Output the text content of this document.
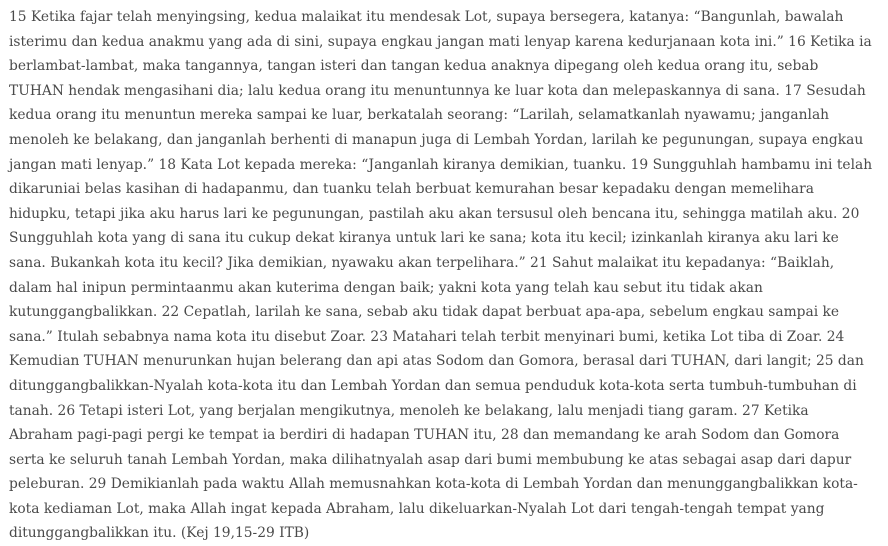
15 Ketika fajar telah menyingsing, kedua malaikat itu mendesak Lot, supaya bersegera, katanya: “Bangunlah, bawalah isterimu dan kedua anakmu yang ada di sini, supaya engkau jangan mati lenyap karena kedurjanaan kota ini.” 16 Ketika ia berlambat-lambat, maka tangannya, tangan isteri dan tangan kedua anaknya dipegang oleh kedua orang itu, sebab TUHAN hendak mengasihani dia; lalu kedua orang itu menuntunnya ke luar kota dan melepaskannya di sana. 17 Sesudah kedua orang itu menuntun mereka sampai ke luar, berkatalah seorang: “Larilah, selamatkanlah nyawamu; janganlah menoleh ke belakang, dan janganlah berhenti di manapun juga di Lembah Yordan, larilah ke pegunungan, supaya engkau jangan mati lenyap.” 18 Kata Lot kepada mereka: “Janganlah kiranya demikian, tuanku. 19 Sungguhlah hambamu ini telah dikaruniai belas kasihan di hadapanmu, dan tuanku telah berbuat kemurahan besar kepadaku dengan memelihara hidupku, tetapi jika aku harus lari ke pegunungan, pastilah aku akan tersusul oleh bencana itu, sehingga matilah aku. 20 Sungguhlah kota yang di sana itu cukup dekat kiranya untuk lari ke sana; kota itu kecil; izinkanlah kiranya aku lari ke sana. Bukankah kota itu kecil? Jika demikian, nyawaku akan terpelihara.” 21 Sahut malaikat itu kepadanya: “Baiklah, dalam hal inipun permintaanmu akan kuterima dengan baik; yakni kota yang telah kau sebut itu tidak akan kutunggangbalikkan. 22 Cepatlah, larilah ke sana, sebab aku tidak dapat berbuat apa-apa, sebelum engkau sampai ke sana.” Itulah sebabnya nama kota itu disebut Zoar. 23 Matahari telah terbit menyinari bumi, ketika Lot tiba di Zoar. 24 Kemudian TUHAN menurunkan hujan belerang dan api atas Sodom dan Gomora, berasal dari TUHAN, dari langit; 25 dan ditunggangbalikkan-Nyalah kota-kota itu dan Lembah Yordan dan semua penduduk kota-kota serta tumbuh-tumbuhan di tanah. 26 Tetapi isteri Lot, yang berjalan mengikutnya, menoleh ke belakang, lalu menjadi tiang garam. 27 Ketika Abraham pagi-pagi pergi ke tempat ia berdiri di hadapan TUHAN itu, 28 dan memandang ke arah Sodom dan Gomora serta ke seluruh tanah Lembah Yordan, maka dilihatnyalah asap dari bumi membubung ke atas sebagai asap dari dapur peleburan. 29 Demikianlah pada waktu Allah memusnahkan kota-kota di Lembah Yordan dan menunggangbalikkan kota-kota kediaman Lot, maka Allah ingat kepada Abraham, lalu dikeluarkan-Nyalah Lot dari tengah-tengah tempat yang ditunggangbalikkan itu. (Kej 19,15-29 ITB)
